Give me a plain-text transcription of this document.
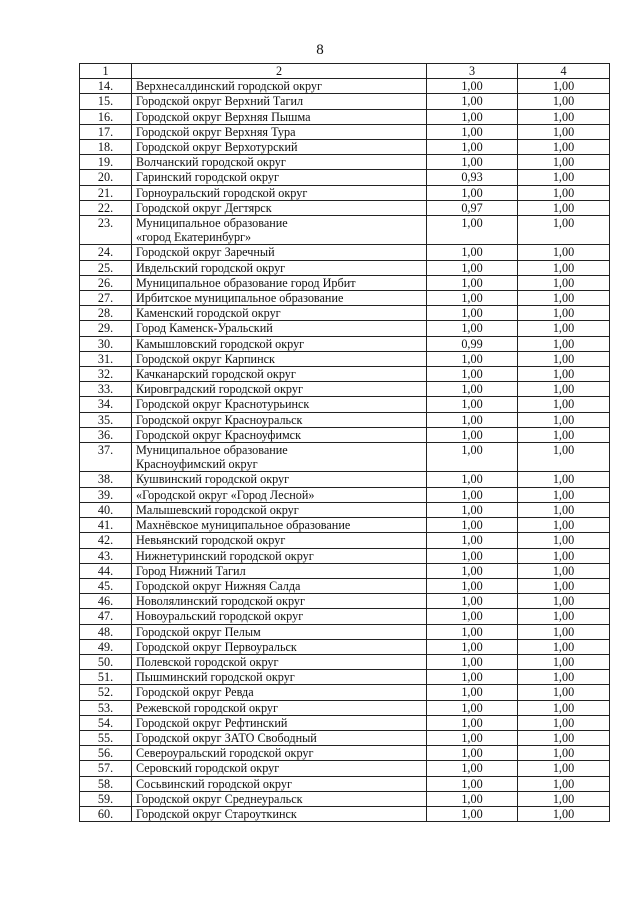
8
1	2	3	4
14.	Верхнесалдинский городской округ	1,00	1,00
15.	Городской округ Верхний Тагил	1,00	1,00
16.	Городской округ Верхняя Пышма	1,00	1,00
17.	Городской округ Верхняя Тура	1,00	1,00
18.	Городской округ Верхотурский	1,00	1,00
19.	Волчанский городской округ	1,00	1,00
20.	Гаринский городской округ	0,93	1,00
21.	Горноуральский городской округ	1,00	1,00
22.	Городской округ Дегтярск	0,97	1,00
23.	Муниципальное образование
«город Екатеринбург»	1,00	1,00
24.	Городской округ Заречный	1,00	1,00
25.	Ивдельский городской округ	1,00	1,00
26.	Муниципальное образование город Ирбит	1,00	1,00
27.	Ирбитское муниципальное образование	1,00	1,00
28.	Каменский городской округ	1,00	1,00
29.	Город Каменск-Уральский	1,00	1,00
30.	Камышловский городской округ	0,99	1,00
31.	Городской округ Карпинск	1,00	1,00
32.	Качканарский городской округ	1,00	1,00
33.	Кировградский городской округ	1,00	1,00
34.	Городской округ Краснотурьинск	1,00	1,00
35.	Городской округ Красноуральск	1,00	1,00
36.	Городской округ Красноуфимск	1,00	1,00
37.	Муниципальное образование
Красноуфимский округ	1,00	1,00
38.	Кушвинский городской округ	1,00	1,00
39.	«Городской округ «Город Лесной»	1,00	1,00
40.	Малышевский городской округ	1,00	1,00
41.	Махнёвское муниципальное образование	1,00	1,00
42.	Невьянский городской округ	1,00	1,00
43.	Нижнетуринский городской округ	1,00	1,00
44.	Город Нижний Тагил	1,00	1,00
45.	Городской округ Нижняя Салда	1,00	1,00
46.	Новолялинский городской округ	1,00	1,00
47.	Новоуральский городской округ	1,00	1,00
48.	Городской округ Пелым	1,00	1,00
49.	Городской округ Первоуральск	1,00	1,00
50.	Полевской городской округ	1,00	1,00
51.	Пышминский городской округ	1,00	1,00
52.	Городской округ Ревда	1,00	1,00
53.	Режевской городской округ	1,00	1,00
54.	Городской округ Рефтинский	1,00	1,00
55.	Городской округ ЗАТО Свободный	1,00	1,00
56.	Североуральский городской округ	1,00	1,00
57.	Серовский городской округ	1,00	1,00
58.	Сосьвинский городской округ	1,00	1,00
59.	Городской округ Среднеуральск	1,00	1,00
60.	Городской округ Староуткинск	1,00	1,00
